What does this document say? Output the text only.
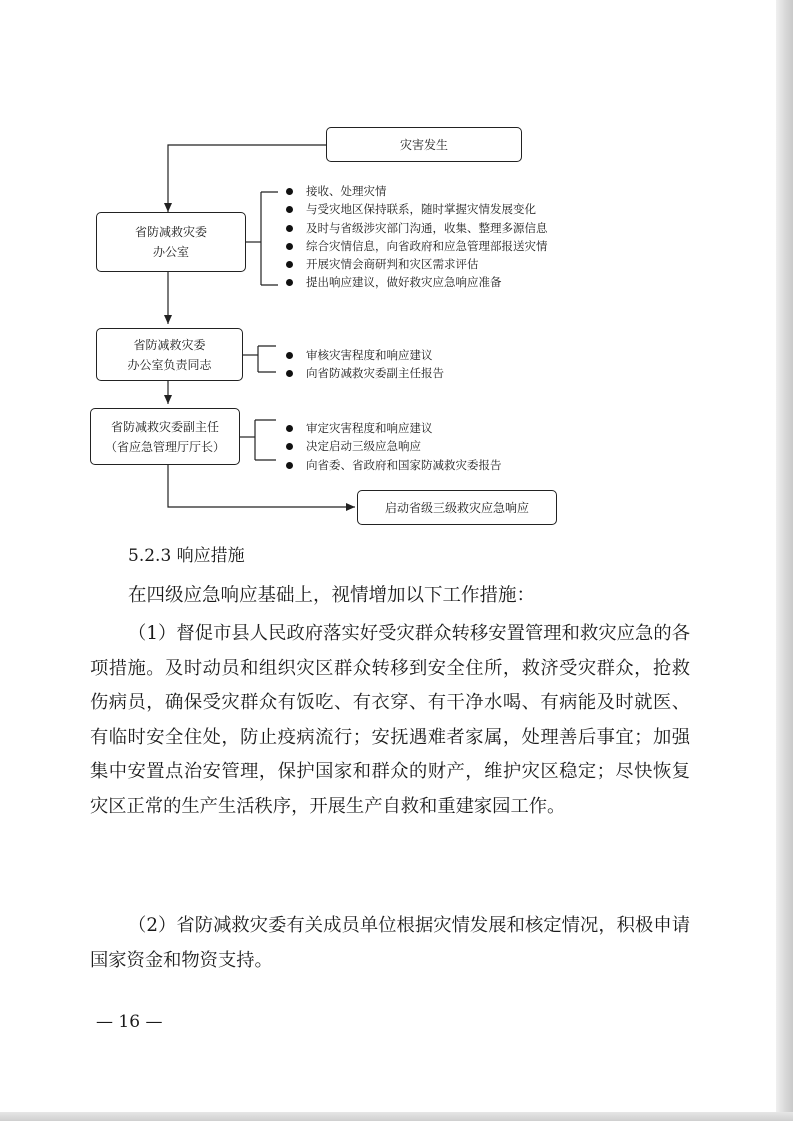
灾害发生
省防减救灾委
办公室
接收、处理灾情
与受灾地区保持联系，随时掌握灾情发展变化
及时与省级涉灾部门沟通，收集、整理多源信息
综合灾情信息，向省政府和应急管理部报送灾情
开展灾情会商研判和灾区需求评估
提出响应建议，做好救灾应急响应准备
省防减救灾委
办公室负责同志
审核灾害程度和响应建议
向省防减救灾委副主任报告
省防减救灾委副主任
（省应急管理厅厅长）
审定灾害程度和响应建议
决定启动三级应急响应
向省委、省政府和国家防减救灾委报告
启动省级三级救灾应急响应
5.2.3 响应措施
在四级应急响应基础上，视情增加以下工作措施：

（1）督促市县人民政府落实好受灾群众转移安置管理和救灾应急的各项措施。及时动员和组织灾区群众转移到安全住所，救济受灾群众，抢救伤病员，确保受灾群众有饭吃、有衣穿、有干净水喝、有病能及时就医、有临时安全住处，防止疫病流行；安抚遇难者家属，处理善后事宜；加强集中安置点治安管理，保护国家和群众的财产，维护灾区稳定；尽快恢复灾区正常的生产生活秩序，开展生产自救和重建家园工作。

（2）省防减救灾委有关成员单位根据灾情发展和核定情况，积极申请国家资金和物资支持。

— 16 —
